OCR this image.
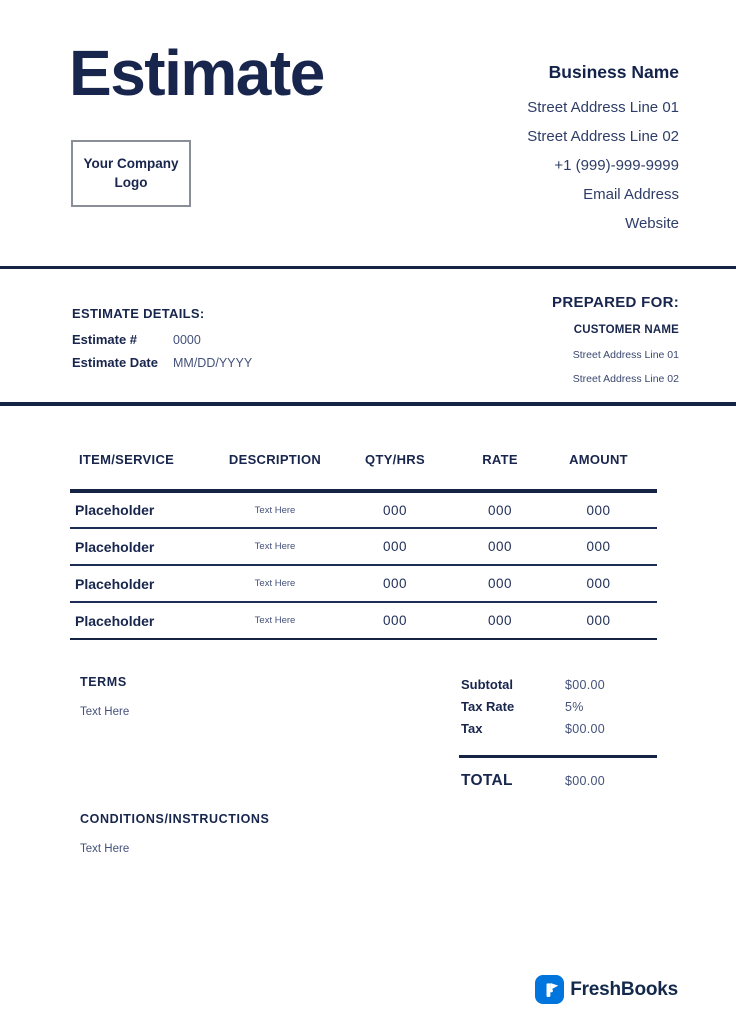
Estimate
Your Company Logo
Business Name
Street Address Line 01
Street Address Line 02
+1 (999)-999-9999
Email Address
Website
ESTIMATE DETAILS:
Estimate #	0000
Estimate Date	MM/DD/YYYY
PREPARED FOR:
CUSTOMER NAME
Street Address Line 01
Street Address Line 02
ITEM/SERVICE	DESCRIPTION	QTY/HRS	RATE	AMOUNT
Placeholder	Text Here	000	000	000
Placeholder	Text Here	000	000	000
Placeholder	Text Here	000	000	000
Placeholder	Text Here	000	000	000
TERMS
Text Here
Subtotal	$00.00
Tax Rate	5%
Tax	$00.00
TOTAL	$00.00
CONDITIONS/INSTRUCTIONS
Text Here
FreshBooks
